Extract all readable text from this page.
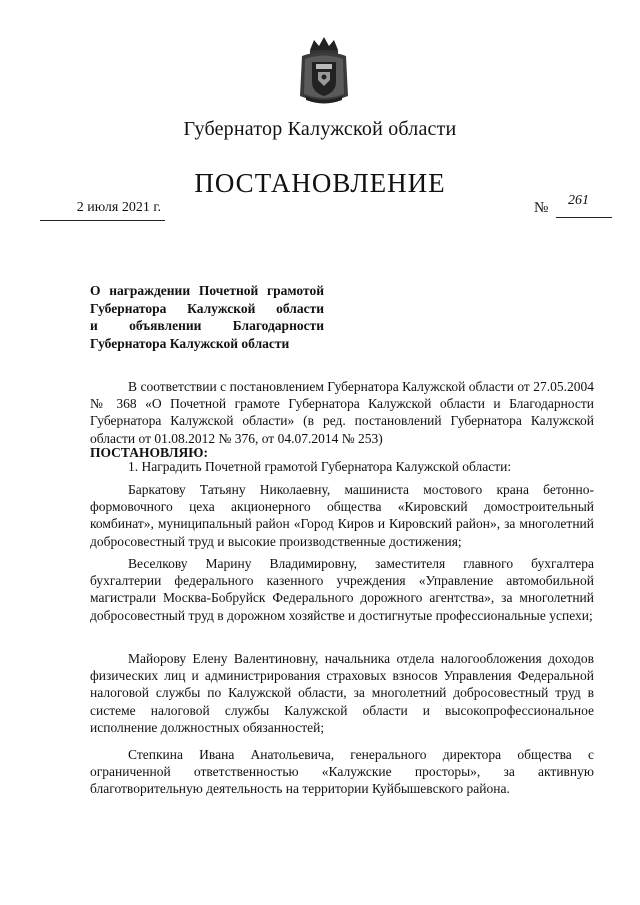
Губернатор Калужской области
ПОСТАНОВЛЕНИЕ
2 июля 2021 г.	№ 261
О награждении Почетной грамотой
Губернатора Калужской области
и объявлении Благодарности
Губернатора Калужской области
В соответствии с постановлением Губернатора Калужской области от 27.05.2004 № 368 «О Почетной грамоте Губернатора Калужской области и Благодарности Губернатора Калужской области» (в ред. постановлений Губернатора Калужской области от 01.08.2012 № 376, от 04.07.2014 № 253)
ПОСТАНОВЛЯЮ:
1. Наградить Почетной грамотой Губернатора Калужской области:
Баркатову Татьяну Николаевну, машиниста мостового крана бетонно-формовочного цеха акционерного общества «Кировский домостроительный комбинат», муниципальный район «Город Киров и Кировский район», за многолетний добросовестный труд и высокие производственные достижения;
Веселкову Марину Владимировну, заместителя главного бухгалтера бухгалтерии федерального казенного учреждения «Управление автомобильной магистрали Москва-Бобруйск Федерального дорожного агентства», за многолетний добросовестный труд в дорожном хозяйстве и достигнутые профессиональные успехи;
Майорову Елену Валентиновну, начальника отдела налогообложения доходов физических лиц и администрирования страховых взносов Управления Федеральной налоговой службы по Калужской области, за многолетний добросовестный труд в системе налоговой службы Калужской области и высокопрофессиональное исполнение должностных обязанностей;
Степкина Ивана Анатольевича, генерального директора общества с ограниченной ответственностью «Калужские просторы», за активную благотворительную деятельность на территории Куйбышевского района.
